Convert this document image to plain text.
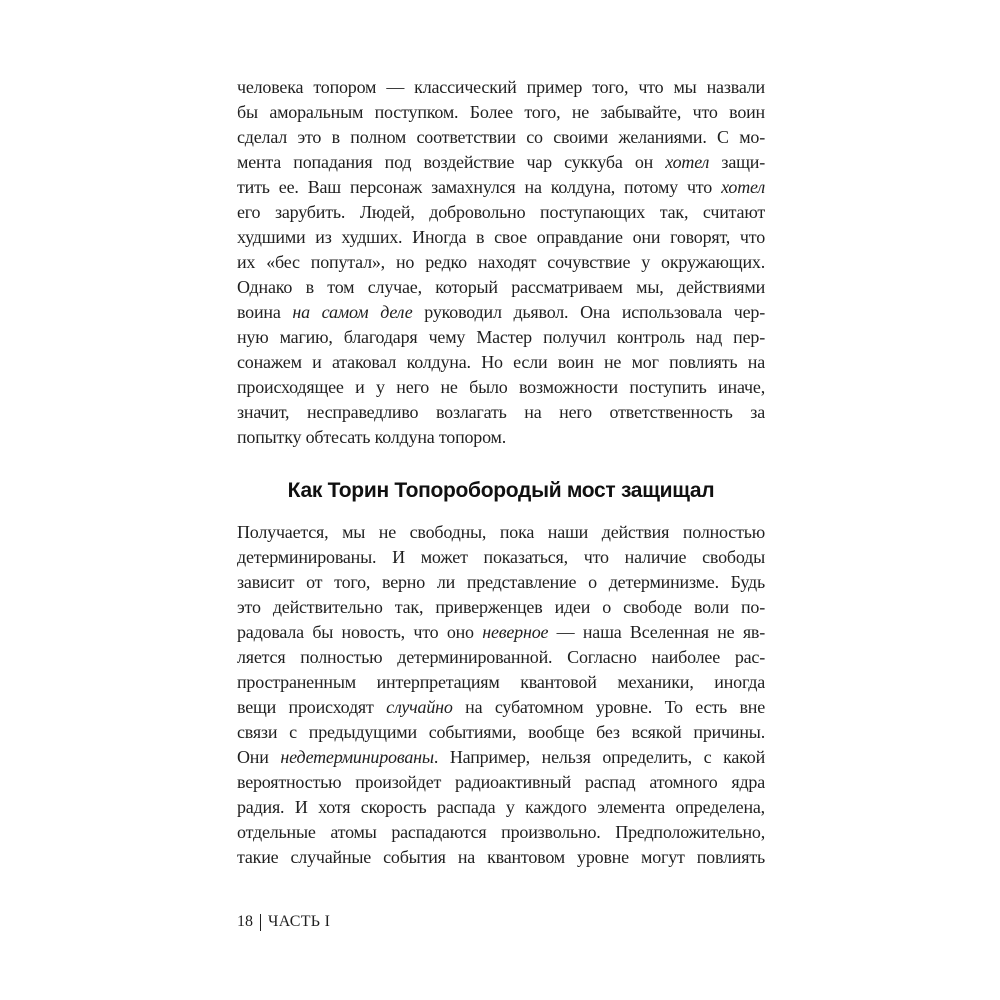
человека топором — классический пример того, что мы назвали
бы аморальным поступком. Более того, не забывайте, что воин
сделал это в полном соответствии со своими желаниями. С мо-
мента попадания под воздействие чар суккуба он хотел защи-
тить ее. Ваш персонаж замахнулся на колдуна, потому что хотел
его зарубить. Людей, добровольно поступающих так, считают
худшими из худших. Иногда в свое оправдание они говорят, что
их «бес попутал», но редко находят сочувствие у окружающих.
Однако в том случае, который рассматриваем мы, действиями
воина на самом деле руководил дьявол. Она использовала чер-
ную магию, благодаря чему Мастер получил контроль над пер-
сонажем и атаковал колдуна. Но если воин не мог повлиять на
происходящее и у него не было возможности поступить иначе,
значит, несправедливо возлагать на него ответственность за
попытку обтесать колдуна топором.
Как Торин Топоробородый мост защищал
Получается, мы не свободны, пока наши действия полностью
детерминированы. И может показаться, что наличие свободы
зависит от того, верно ли представление о детерминизме. Будь
это действительно так, приверженцев идеи о свободе воли по-
радовала бы новость, что оно неверное — наша Вселенная не яв-
ляется полностью детерминированной. Согласно наиболее рас-
пространенным интерпретациям квантовой механики, иногда
вещи происходят случайно на субатомном уровне. То есть вне
связи с предыдущими событиями, вообще без всякой причины.
Они недетерминированы. Например, нельзя определить, с какой
вероятностью произойдет радиоактивный распад атомного ядра
радия. И хотя скорость распада у каждого элемента определена,
отдельные атомы распадаются произвольно. Предположительно,
такие случайные события на квантовом уровне могут повлиять
18 ЧАСТЬ I
